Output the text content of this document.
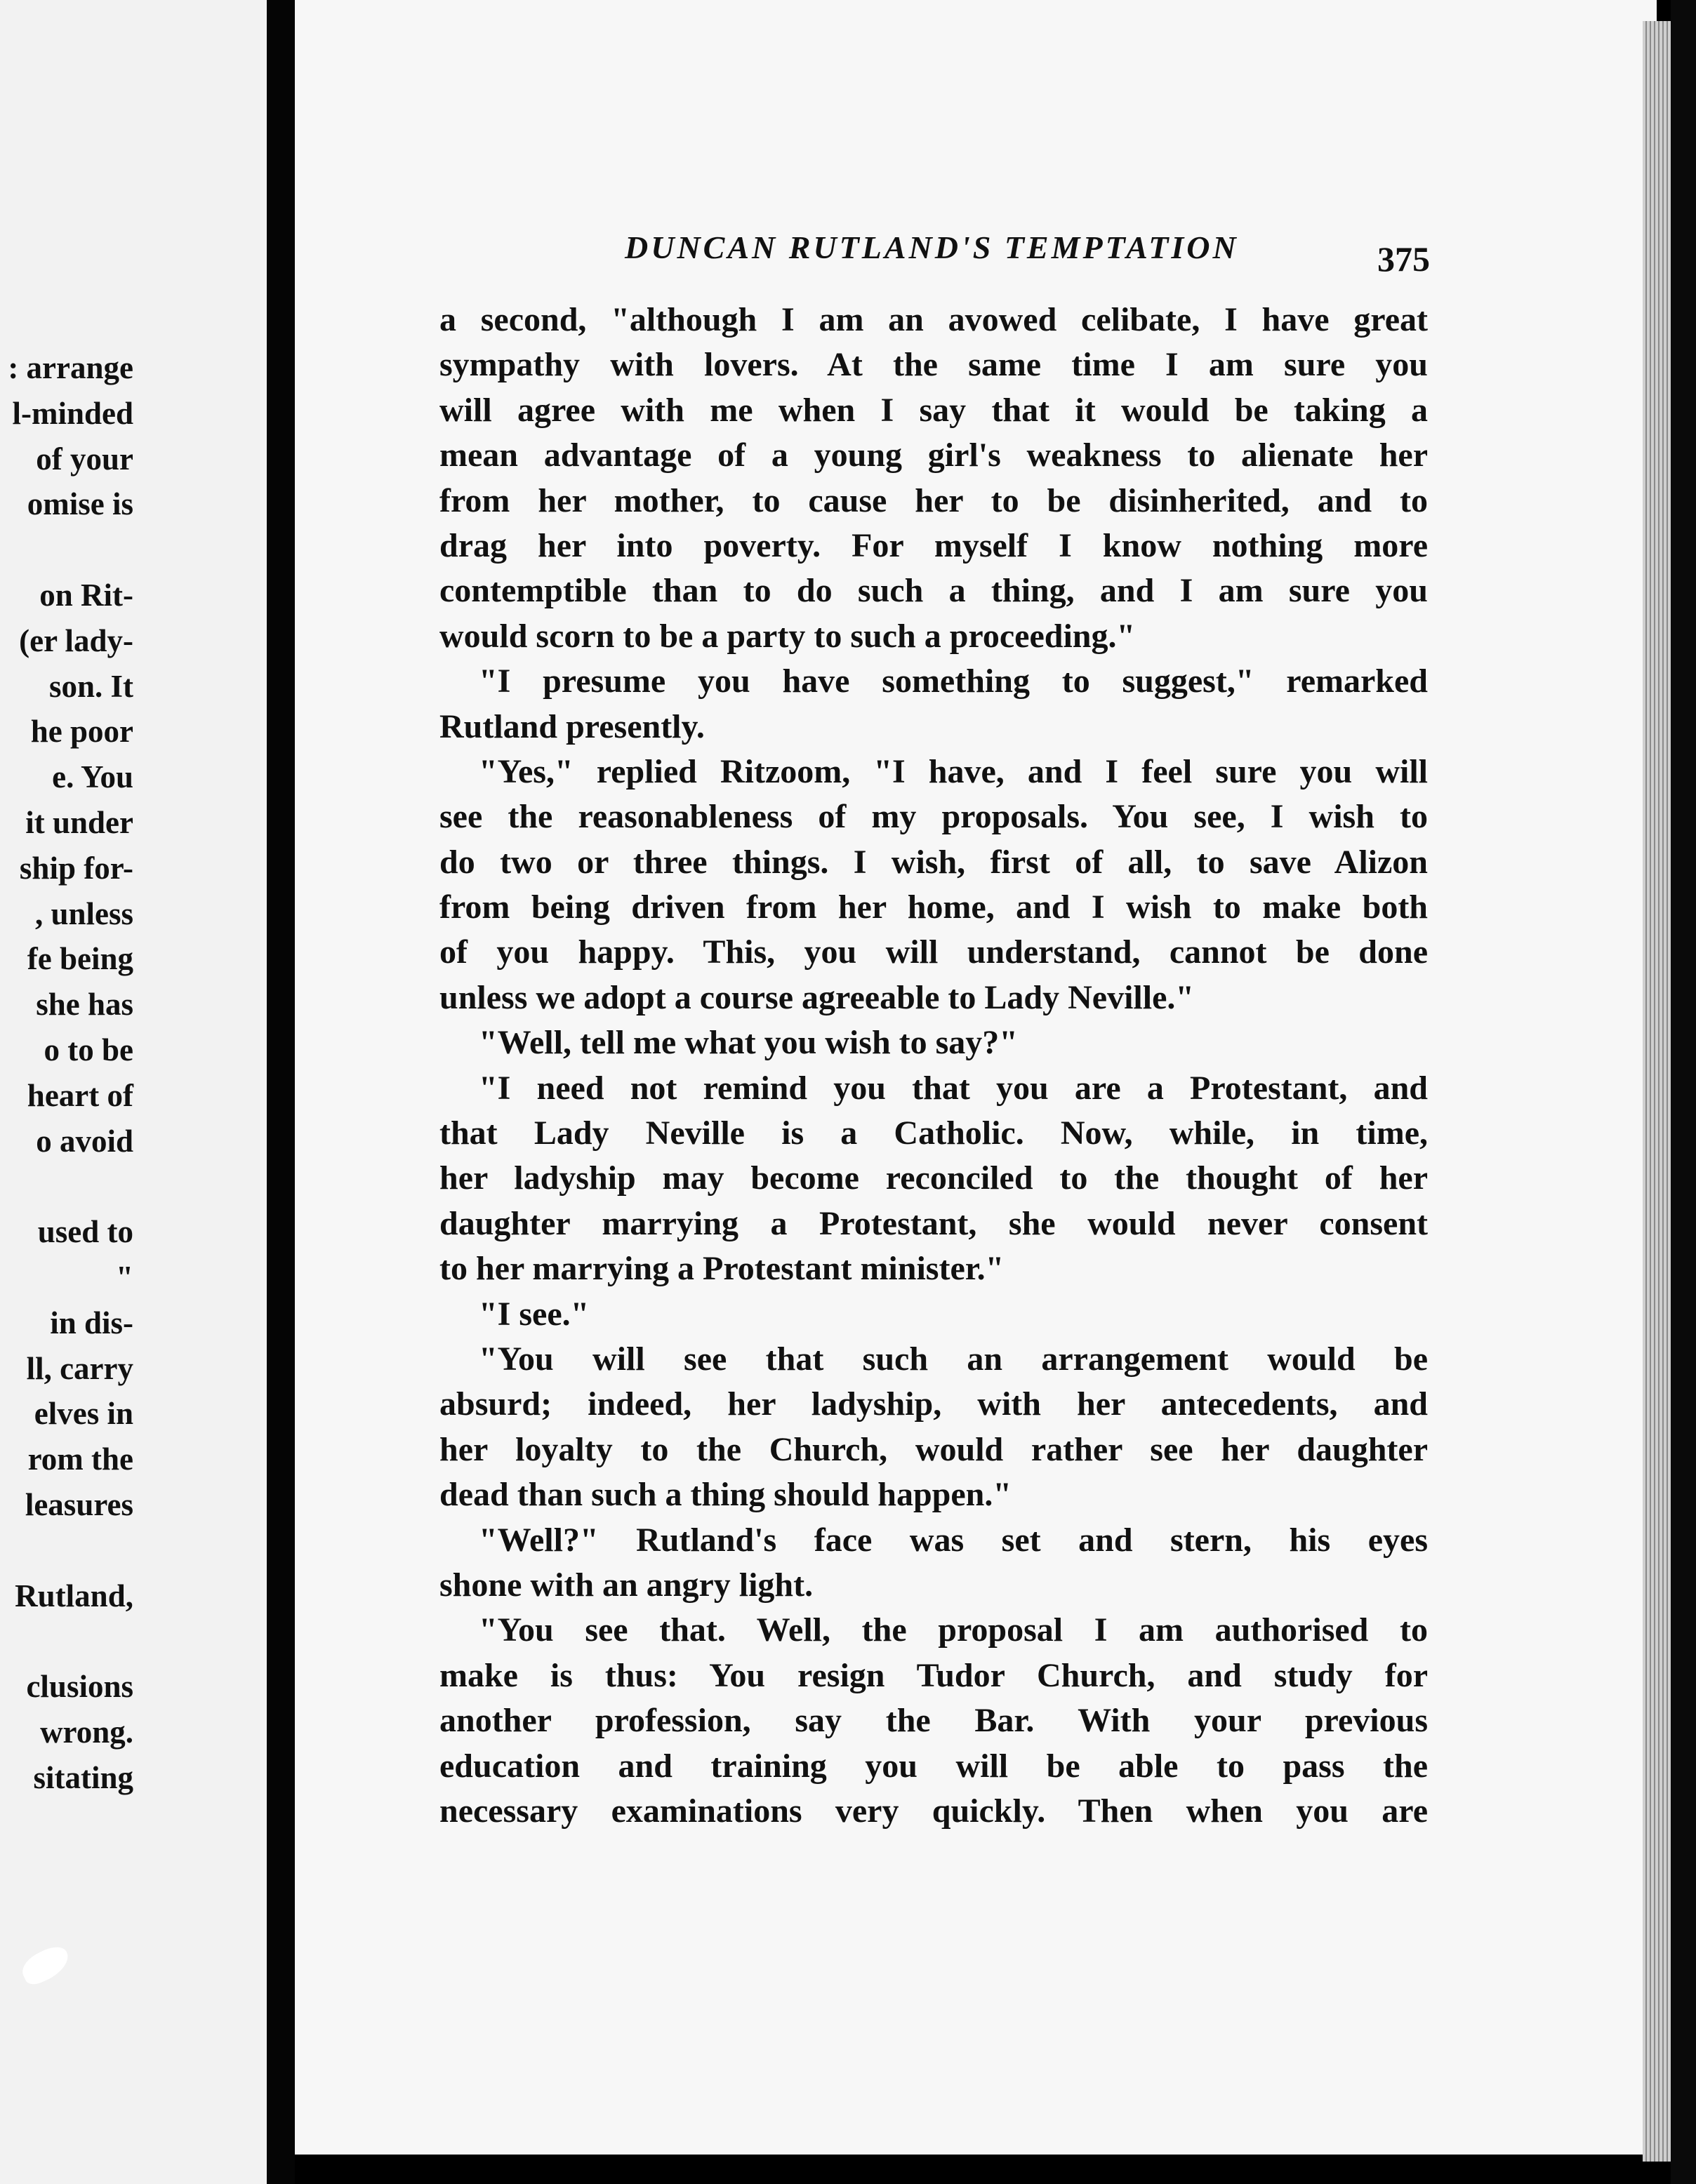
: arrange
l-minded
of your
omise is
on Rit-
(er lady-
son. It
he poor
e. You
it under
ship for-
, unless
fe being
she has
o to be
heart of
o avoid
used to
"
in dis-
ll, carry
elves in
rom the
leasures
Rutland,
clusions
wrong.
sitating
DUNCAN RUTLAND'S TEMPTATION	375
a second, "although I am an avowed celibate, I have great
sympathy with lovers. At the same time I am sure you
will agree with me when I say that it would be taking a
mean advantage of a young girl's weakness to alienate her
from her mother, to cause her to be disinherited, and to
drag her into poverty. For myself I know nothing more
contemptible than to do such a thing, and I am sure you
would scorn to be a party to such a proceeding."
"I presume you have something to suggest," remarked
Rutland presently.
"Yes," replied Ritzoom, "I have, and I feel sure you will
see the reasonableness of my proposals. You see, I wish to
do two or three things. I wish, first of all, to save Alizon
from being driven from her home, and I wish to make both
of you happy. This, you will understand, cannot be done
unless we adopt a course agreeable to Lady Neville."
"Well, tell me what you wish to say?"
"I need not remind you that you are a Protestant, and
that Lady Neville is a Catholic. Now, while, in time,
her ladyship may become reconciled to the thought of her
daughter marrying a Protestant, she would never consent
to her marrying a Protestant minister."
"I see."
"You will see that such an arrangement would be
absurd; indeed, her ladyship, with her antecedents, and
her loyalty to the Church, would rather see her daughter
dead than such a thing should happen."
"Well?" Rutland's face was set and stern, his eyes
shone with an angry light.
"You see that. Well, the proposal I am authorised to
make is thus: You resign Tudor Church, and study for
another profession, say the Bar. With your previous
education and training you will be able to pass the
necessary examinations very quickly. Then when you are
